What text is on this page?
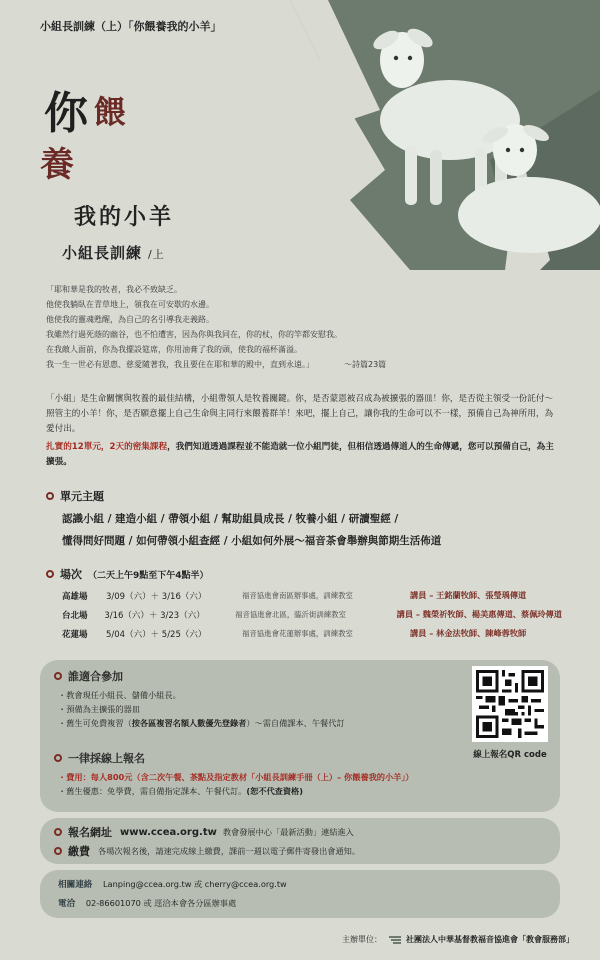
小組長訓練（上）「你餵養我的小羊」
你 餵
養
我的小羊
小組長訓練 /上
「耶和華是我的牧者，我必不致缺乏。
他使我躺臥在青草地上，領我在可安歇的水邊。
他使我的靈魂甦醒，為自己的名引導我走義路。
我雖然行過死蔭的幽谷，也不怕遭害，因為你與我同在，你的杖，你的竿都安慰我。
在我敵人面前，你為我擺設筵席，你用油膏了我的頭，使我的福杯滿溢。
我一生一世必有恩惠、慈愛隨著我，我且要住在耶和華的殿中，直到永遠。」	～詩篇23篇
「小組」是生命關懷與牧養的最佳結構，小組帶領人是牧養關鍵。你，是否蒙恩被召成為被擴張的器皿！你，是否從主領受一份託付～照管主的小羊！你，是否願意擺上自己生命與主同行來餵養群羊！來吧，擺上自己，讓你我的生命可以不一樣，預備自己為神所用，為愛付出。
扎實的12單元，2天的密集課程，我們知道透過課程並不能造就一位小組門徒，但相信透過傳道人的生命傳遞，您可以預備自己，為主擴張。
單元主題
認識小組 / 建造小組 / 帶領小組 / 幫助組員成長 / 牧養小組 / 研讀聖經 /
懂得問好問題 / 如何帶領小組查經 / 小組如何外展～福音茶會舉辦與節期生活佈道
場次 （二天上午9點至下午4點半）
高雄場	3/09（六）＋ 3/16（六）	福音協進會南區辦事處，訓練教室	講員 – 王銘蘭牧師、張瑩瑀傳道
台北場	3/16（六）＋ 3/23（六）	福音協進會北區，臨沂街訓練教室	講員 – 魏榮祈牧師、楊美惠傳道、蔡佩玲傳道
花蓮場	5/04（六）＋ 5/25（六）	福音協進會花蓮辦事處，訓練教室	講員 – 林金法牧師、陳峰蓉牧師
誰適合參加
・教會現任小組長、儲備小組長。
・預備為主擴張的器皿
・舊生可免費複習（按各區複習名額人數優先登錄者）～需自備課本、午餐代訂
一律採線上報名
・費用：每人800元（含二次午餐、茶點及指定教材「小組長訓練手冊（上）– 你餵養我的小羊」）
・舊生優惠：免學費，需自備指定課本、午餐代訂。(恕不代查資格)
線上報名QR code
報名網址 www.ccea.org.tw 教會發展中心「最新活動」連結進入
繳費 各場次報名後，請速完成線上繳費，課前一週以電子郵件寄發出會通知。
相關連絡 Lanping@ccea.org.tw 或 cherry@ccea.org.tw
電洽 02-86601070 或 逕洽本會各分區辦事處
主辦單位：	社團法人中華基督教福音協進會「教會服務部」
